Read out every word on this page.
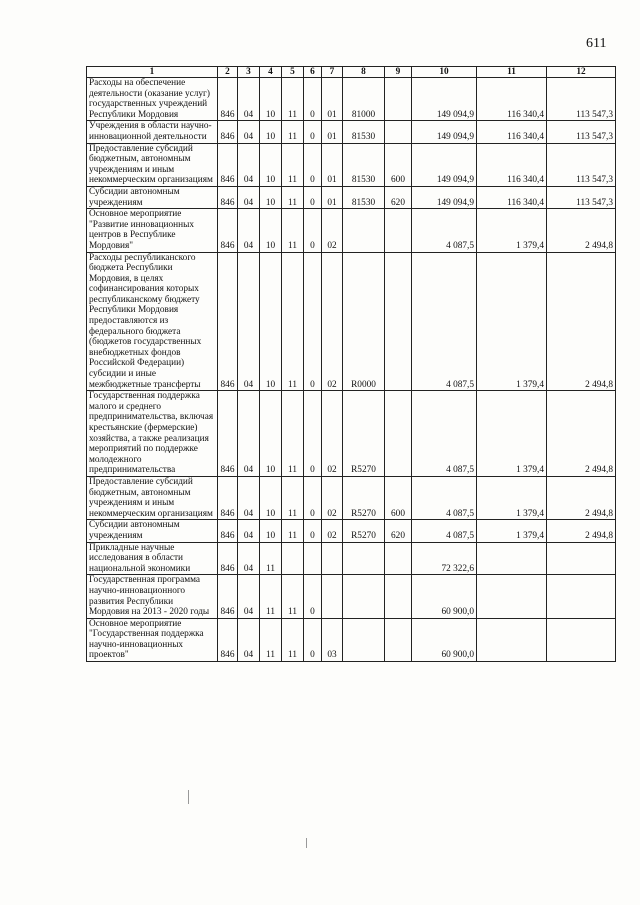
611
1	2	3	4	5	6	7	8	9	10	11	12
Расходы на обеспечение деятельности (оказание услуг) государственных учреждений Республики Мордовия	846	04	10	11	0	01	81000		149 094,9	116 340,4	113 547,3
Учреждения в области научно-инновационной деятельности	846	04	10	11	0	01	81530		149 094,9	116 340,4	113 547,3
Предоставление субсидий бюджетным, автономным учреждениям и иным некоммерческим организациям	846	04	10	11	0	01	81530	600	149 094,9	116 340,4	113 547,3
Субсидии автономным учреждениям	846	04	10	11	0	01	81530	620	149 094,9	116 340,4	113 547,3
Основное мероприятие "Развитие инновационных центров в Республике Мордовия"	846	04	10	11	0	02			4 087,5	1 379,4	2 494,8
Расходы республиканского бюджета Республики Мордовия, в целях софинансирования которых республиканскому бюджету Республики Мордовия предоставляются из федерального бюджета (бюджетов государственных внебюджетных фондов Российской Федерации) субсидии и иные межбюджетные трансферты	846	04	10	11	0	02	R0000		4 087,5	1 379,4	2 494,8
Государственная поддержка малого и среднего предпринимательства, включая крестьянские (фермерские) хозяйства, а также реализация мероприятий по поддержке молодежного предпринимательства	846	04	10	11	0	02	R5270		4 087,5	1 379,4	2 494,8
Предоставление субсидий бюджетным, автономным учреждениям и иным некоммерческим организациям	846	04	10	11	0	02	R5270	600	4 087,5	1 379,4	2 494,8
Субсидии автономным учреждениям	846	04	10	11	0	02	R5270	620	4 087,5	1 379,4	2 494,8
Прикладные научные исследования в области национальной экономики	846	04	11						72 322,6		
Государственная программа научно-инновационного развития Республики Мордовия на 2013 - 2020 годы	846	04	11	11	0				60 900,0		
Основное мероприятие "Государственная поддержка научно-инновационных проектов"	846	04	11	11	0	03			60 900,0		
